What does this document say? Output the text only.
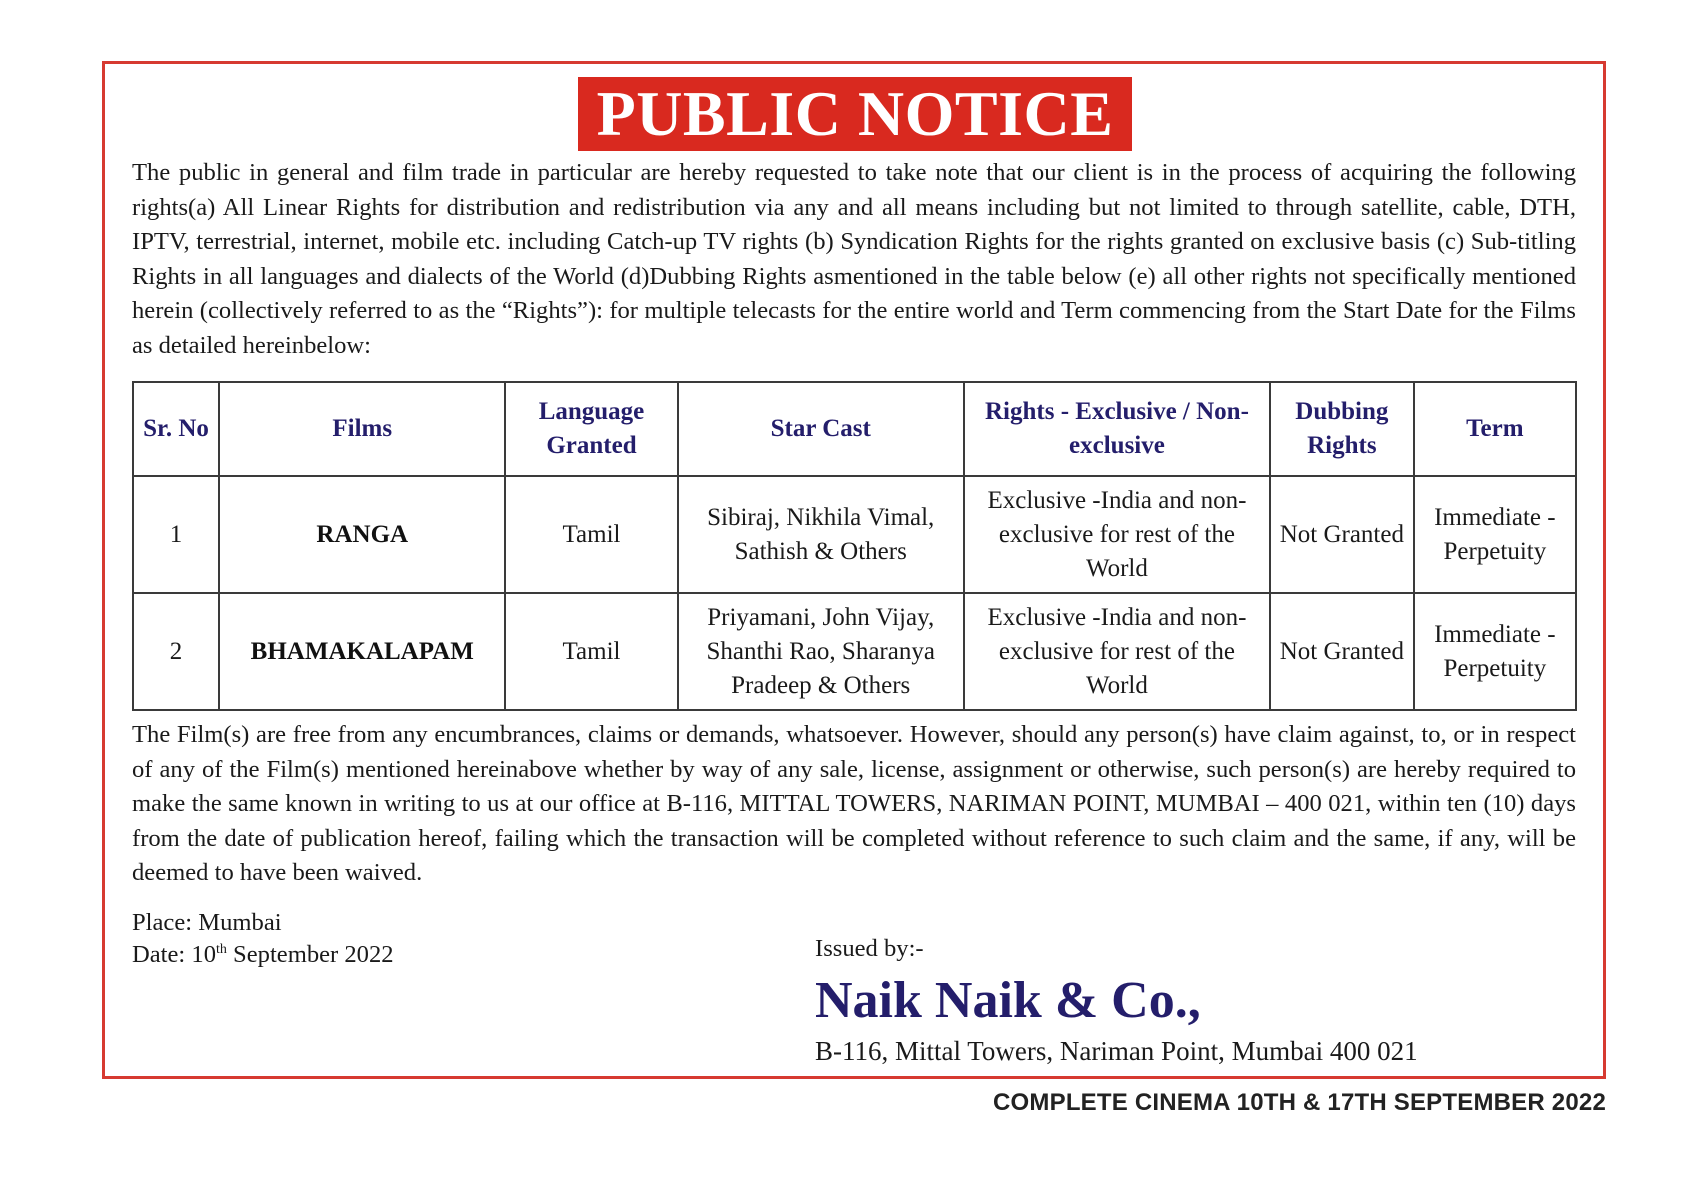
PUBLIC NOTICE

The public in general and film trade in particular are hereby requested to take note that our client is in the process of acquiring the following rights(a) All Linear Rights for distribution and redistribution via any and all means including but not limited to through satellite, cable, DTH, IPTV, terrestrial, internet, mobile etc. including Catch-up TV rights (b) Syndication Rights for the rights granted on exclusive basis (c) Sub-titling Rights in all languages and dialects of the World (d)Dubbing Rights asmentioned in the table below (e) all other rights not specifically mentioned herein (collectively referred to as the “Rights”): for multiple telecasts for the entire world and Term commencing from the Start Date for the Films as detailed hereinbelow:

Sr. No	Films	Language Granted	Star Cast	Rights - Exclusive / Non-exclusive	Dubbing Rights	Term
1	RANGA	Tamil	Sibiraj, Nikhila Vimal, Sathish & Others	Exclusive -India and non-exclusive for rest of the World	Not Granted	Immediate - Perpetuity
2	BHAMAKALAPAM	Tamil	Priyamani, John Vijay, Shanthi Rao, Sharanya Pradeep & Others	Exclusive -India and non-exclusive for rest of the World	Not Granted	Immediate - Perpetuity

The Film(s) are free from any encumbrances, claims or demands, whatsoever. However, should any person(s) have claim against, to, or in respect of any of the Film(s) mentioned hereinabove whether by way of any sale, license, assignment or otherwise, such person(s) are hereby required to make the same known in writing to us at our office at B-116, MITTAL TOWERS, NARIMAN POINT, MUMBAI – 400 021, within ten (10) days from the date of publication hereof, failing which the transaction will be completed without reference to such claim and the same, if any, will be deemed to have been waived.

Place: Mumbai
Date: 10th September 2022	Issued by:-
Naik Naik & Co.,
B-116, Mittal Towers, Nariman Point, Mumbai 400 021
COMPLETE CINEMA 10TH & 17TH SEPTEMBER 2022
